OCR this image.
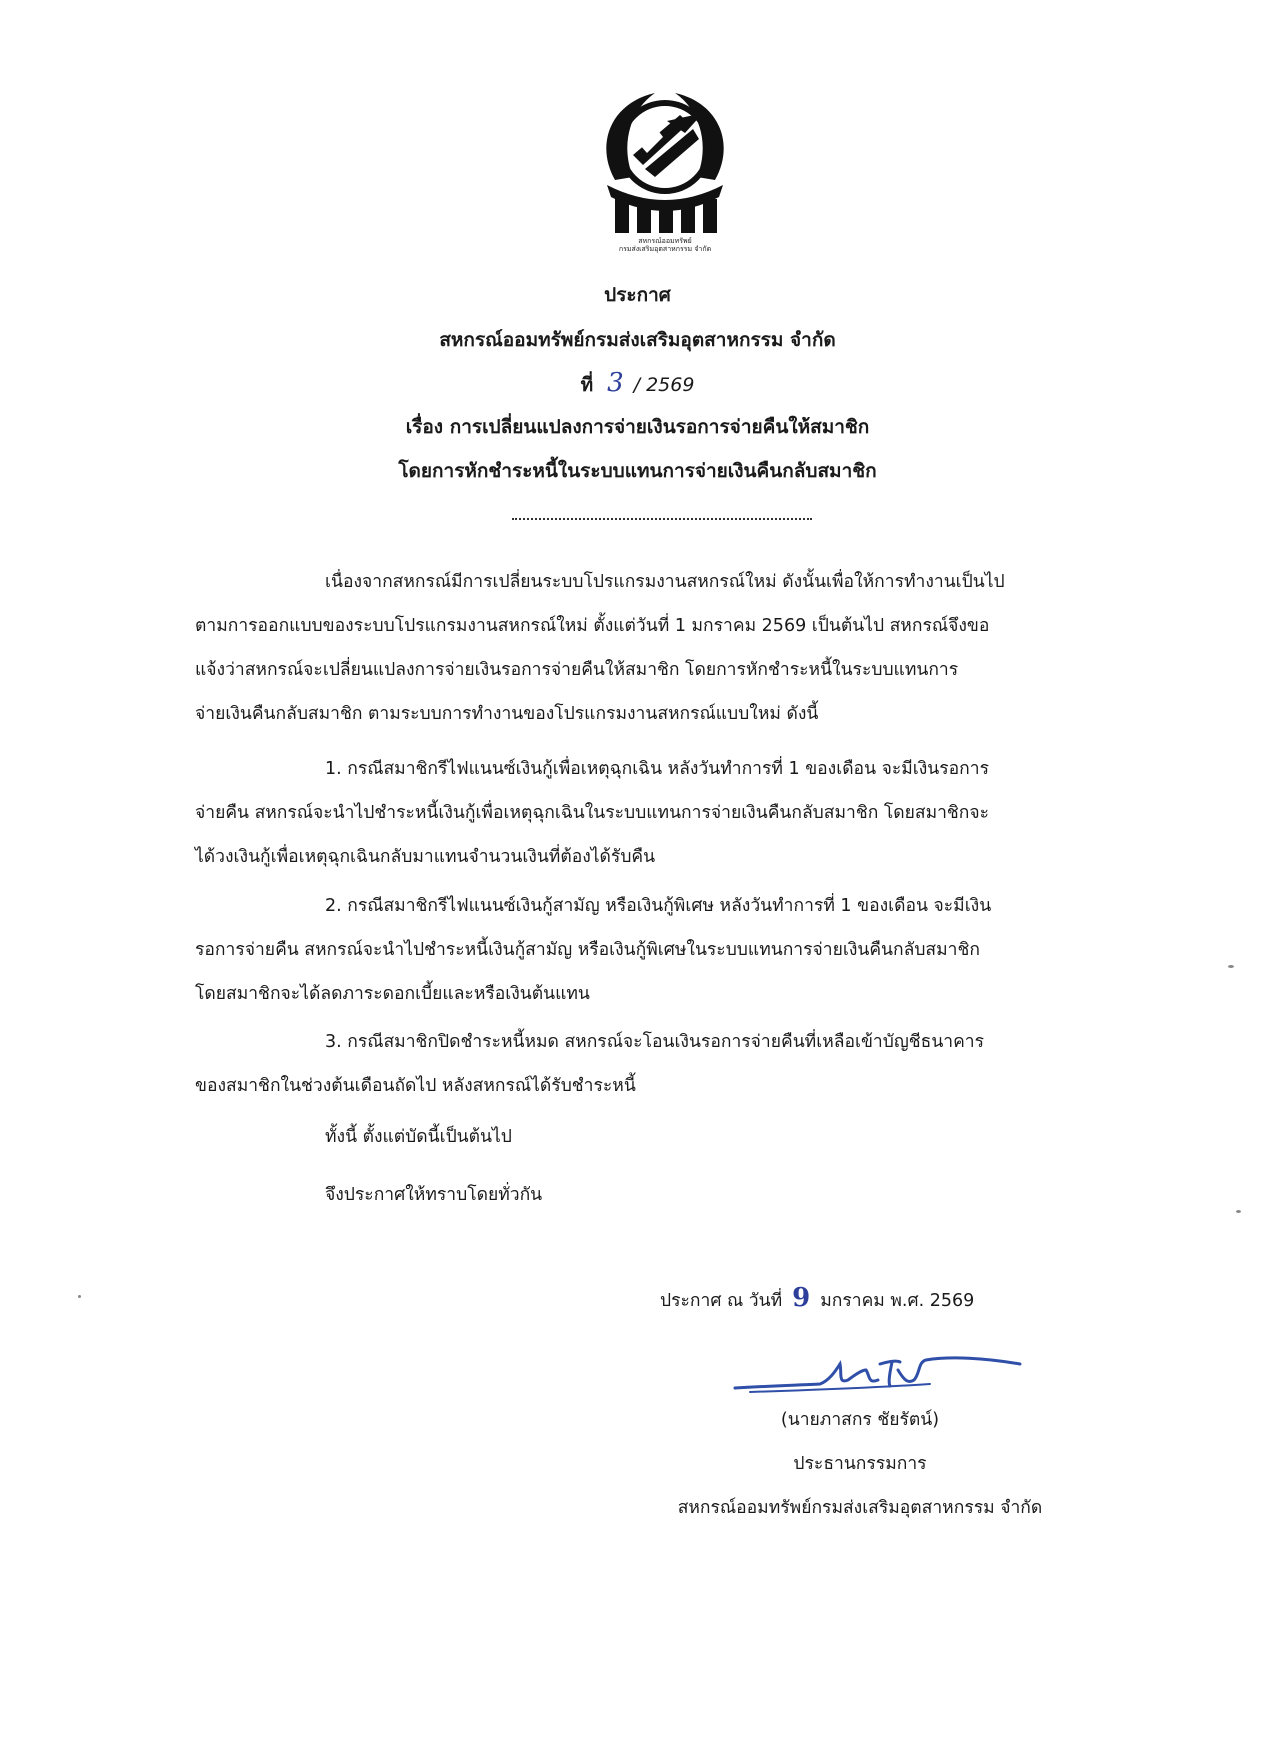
สหกรณ์ออมทรัพย์
กรมส่งเสริมอุตสาหกรรม จำกัด
ประกาศ
สหกรณ์ออมทรัพย์กรมส่งเสริมอุตสาหกรรม จำกัด
ที่ 3 / 2569
เรื่อง การเปลี่ยนแปลงการจ่ายเงินรอการจ่ายคืนให้สมาชิก
โดยการหักชำระหนี้ในระบบแทนการจ่ายเงินคืนกลับสมาชิก
เนื่องจากสหกรณ์มีการเปลี่ยนระบบโปรแกรมงานสหกรณ์ใหม่ ดังนั้นเพื่อให้การทำงานเป็นไป
ตามการออกแบบของระบบโปรแกรมงานสหกรณ์ใหม่ ตั้งแต่วันที่ 1 มกราคม 2569 เป็นต้นไป สหกรณ์จึงขอ
แจ้งว่าสหกรณ์จะเปลี่ยนแปลงการจ่ายเงินรอการจ่ายคืนให้สมาชิก โดยการหักชำระหนี้ในระบบแทนการ
จ่ายเงินคืนกลับสมาชิก ตามระบบการทำงานของโปรแกรมงานสหกรณ์แบบใหม่ ดังนี้
1. กรณีสมาชิกรีไฟแนนซ์เงินกู้เพื่อเหตุฉุกเฉิน หลังวันทำการที่ 1 ของเดือน จะมีเงินรอการ
จ่ายคืน สหกรณ์จะนำไปชำระหนี้เงินกู้เพื่อเหตุฉุกเฉินในระบบแทนการจ่ายเงินคืนกลับสมาชิก โดยสมาชิกจะ
ได้วงเงินกู้เพื่อเหตุฉุกเฉินกลับมาแทนจำนวนเงินที่ต้องได้รับคืน
2. กรณีสมาชิกรีไฟแนนซ์เงินกู้สามัญ หรือเงินกู้พิเศษ หลังวันทำการที่ 1 ของเดือน จะมีเงิน
รอการจ่ายคืน สหกรณ์จะนำไปชำระหนี้เงินกู้สามัญ หรือเงินกู้พิเศษในระบบแทนการจ่ายเงินคืนกลับสมาชิก
โดยสมาชิกจะได้ลดภาระดอกเบี้ยและหรือเงินต้นแทน
3. กรณีสมาชิกปิดชำระหนี้หมด สหกรณ์จะโอนเงินรอการจ่ายคืนที่เหลือเข้าบัญชีธนาคาร
ของสมาชิกในช่วงต้นเดือนถัดไป หลังสหกรณ์ได้รับชำระหนี้
ทั้งนี้ ตั้งแต่บัดนี้เป็นต้นไป
จึงประกาศให้ทราบโดยทั่วกัน
ประกาศ ณ วันที่ 9 มกราคม พ.ศ. 2569
(นายภาสกร ชัยรัตน์)
ประธานกรรมการ
สหกรณ์ออมทรัพย์กรมส่งเสริมอุตสาหกรรม จำกัด
